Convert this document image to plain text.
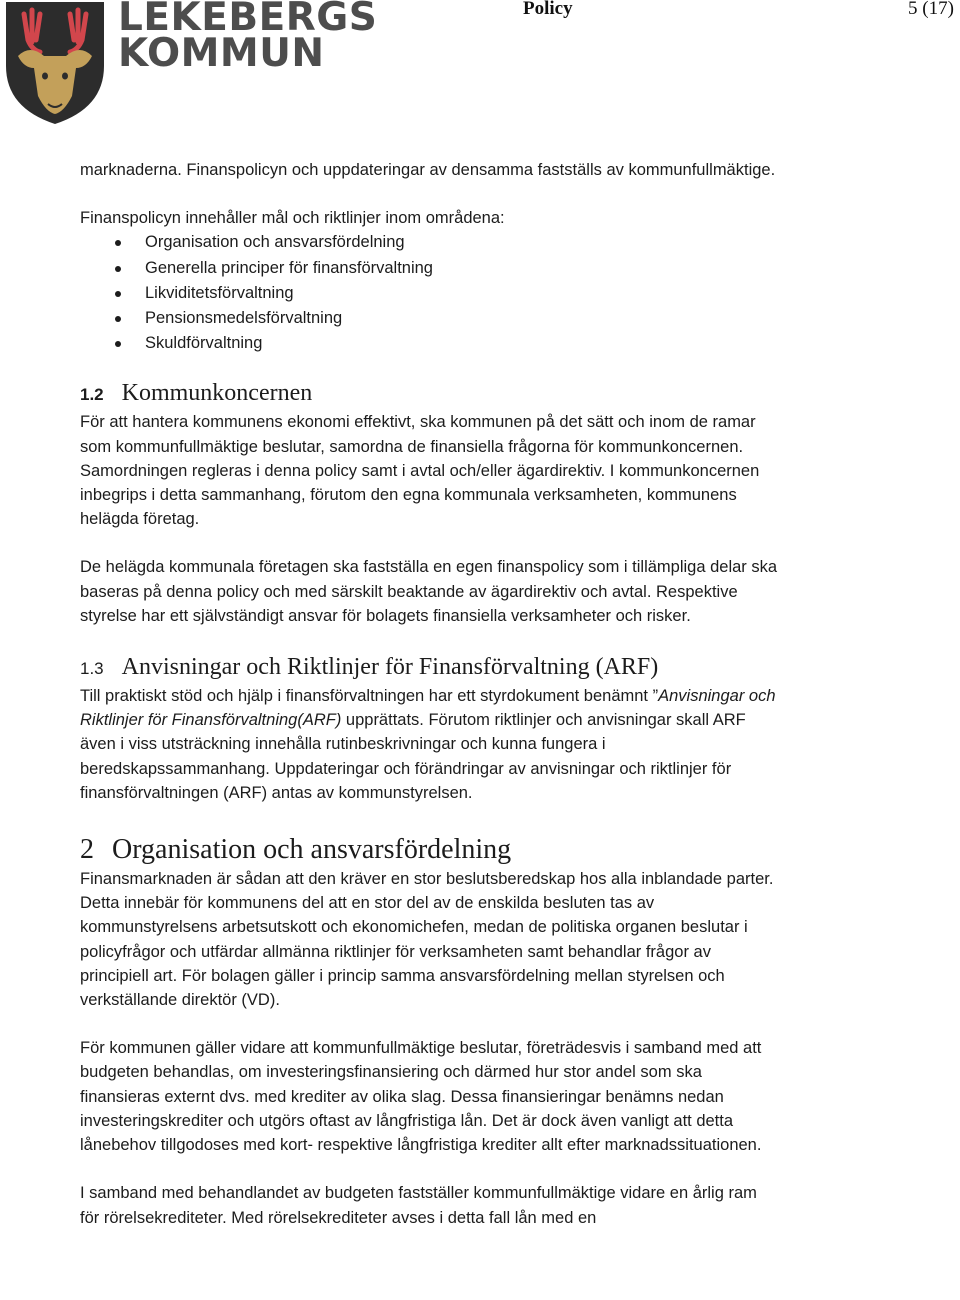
LEKEBERGS
KOMMUN
Policy	5 (17)

marknaderna. Finanspolicyn och uppdateringar av densamma fastställs av kommunfullmäktige.

Finanspolicyn innehåller mål och riktlinjer inom områdena:

Organisation och ansvarsfördelning
Generella principer för finansförvaltning
Likviditetsförvaltning
Pensionsmedelsförvaltning
Skuldförvaltning
1.2 Kommunkoncernen

För att hantera kommunens ekonomi effektivt, ska kommunen på det sätt och inom de ramar som kommunfullmäktige beslutar, samordna de finansiella frågorna för kommunkoncernen. Samordningen regleras i denna policy samt i avtal och/eller ägardirektiv. I kommunkoncernen inbegrips i detta sammanhang, förutom den egna kommunala verksamheten, kommunens helägda företag.

De helägda kommunala företagen ska fastställa en egen finanspolicy som i tillämpliga delar ska baseras på denna policy och med särskilt beaktande av ägardirektiv och avtal. Respektive styrelse har ett självständigt ansvar för bolagets finansiella verksamheter och risker.

1.3 Anvisningar och Riktlinjer för Finansförvaltning (ARF)

Till praktiskt stöd och hjälp i finansförvaltningen har ett styrdokument benämnt ”Anvisningar och Riktlinjer för Finansförvaltning(ARF) upprättats. Förutom riktlinjer och anvisningar skall ARF även i viss utsträckning innehålla rutinbeskrivningar och kunna fungera i beredskapssammanhang. Uppdateringar och förändringar av anvisningar och riktlinjer för finansförvaltningen (ARF) antas av kommunstyrelsen.

2 Organisation och ansvarsfördelning

Finansmarknaden är sådan att den kräver en stor beslutsberedskap hos alla inblandade parter. Detta innebär för kommunens del att en stor del av de enskilda besluten tas av kommunstyrelsens arbetsutskott och ekonomichefen, medan de politiska organen beslutar i policyfrågor och utfärdar allmänna riktlinjer för verksamheten samt behandlar frågor av principiell art. För bolagen gäller i princip samma ansvarsfördelning mellan styrelsen och verkställande direktör (VD).

För kommunen gäller vidare att kommunfullmäktige beslutar, företrädesvis i samband med att budgeten behandlas, om investeringsfinansiering och därmed hur stor andel som ska finansieras externt dvs. med krediter av olika slag. Dessa finansieringar benämns nedan investeringskrediter och utgörs oftast av långfristiga lån. Det är dock även vanligt att detta lånebehov tillgodoses med kort- respektive långfristiga krediter allt efter marknadssituationen.

I samband med behandlandet av budgeten fastställer kommunfullmäktige vidare en årlig ram för rörelsekrediteter. Med rörelsekrediteter avses i detta fall lån med en
